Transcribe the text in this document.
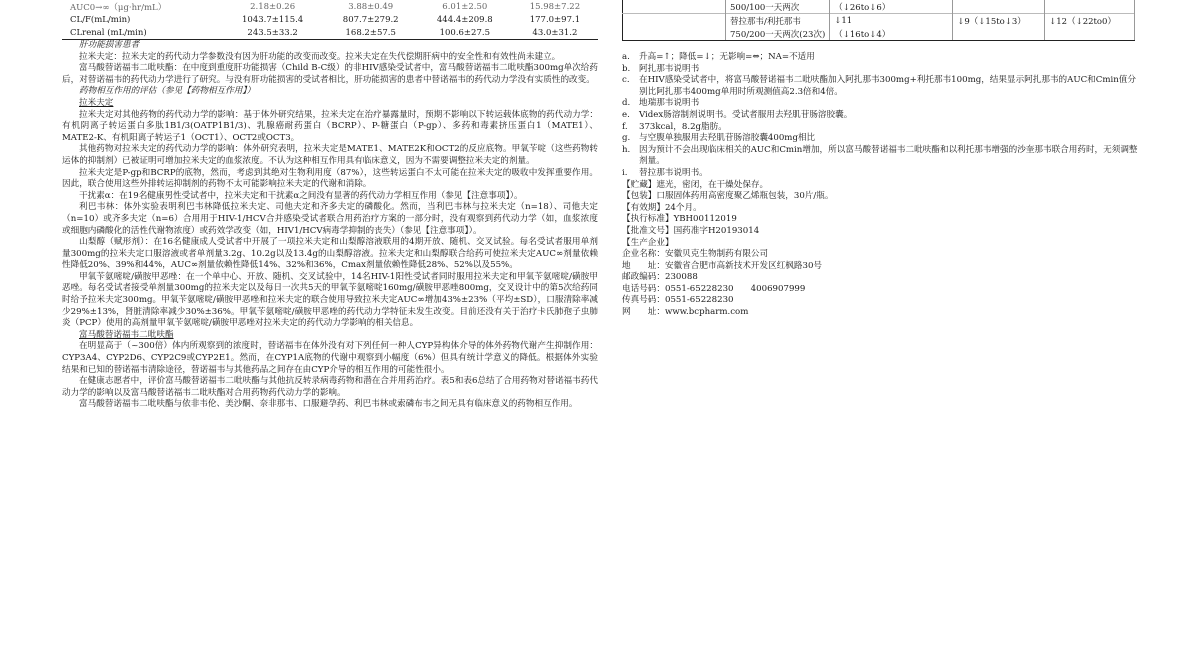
AUC0→∞（μg·hr/mL）	2.18±0.26	3.88±0.49	6.01±2.50	15.98±7.22
CL/F(mL/min)	1043.7±115.4	807.7±279.2	444.4±209.8	177.0±97.1
CLrenal (mL/min)	243.5±33.2	168.2±57.5	100.6±27.5	43.0±31.2

肝功能损害患者

拉米夫定：拉米夫定的药代动力学参数没有因为肝功能的改变而改变。拉米夫定在失代偿期肝病中的安全性和有效性尚未建立。

富马酸替诺福韦二吡呋酯：在中度到重度肝功能损害（Child B-C级）的非HIV感染受试者中，富马酸替诺福韦二吡呋酯300mg单次给药后，对替诺福韦的药代动力学进行了研究。与没有肝功能损害的受试者相比，肝功能损害的患者中替诺福韦的药代动力学没有实质性的改变。

药物相互作用的评估（参见【药物相互作用】）

拉米夫定

拉米夫定对其他药物的药代动力学的影响：基于体外研究结果，拉米夫定在治疗暴露量时，预期不影响以下转运载体底物的药代动力学：有机阴离子转运蛋白多肽1B1/3(OATP1B1/3)、乳腺癌耐药蛋白（BCRP）、P-糖蛋白（P-gp）、多药和毒素挤压蛋白1（MATE1）、MATE2-K、有机阳离子转运子1（OCT1）、OCT2或OCT3。

其他药物对拉米夫定的药代动力学的影响：体外研究表明，拉米夫定是MATE1、MATE2K和OCT2的反应底物。甲氧苄啶（这些药物转运体的抑制剂）已被证明可增加拉米夫定的血浆浓度。不认为这种相互作用具有临床意义，因为不需要调整拉米夫定的剂量。

拉米夫定是P-gp和BCRP的底物，然而，考虑到其绝对生物利用度（87%），这些转运蛋白不太可能在拉米夫定的吸收中发挥重要作用。因此，联合使用这些外排转运抑制剂的药物不太可能影响拉米夫定的代谢和消除。

干扰素α：在19名健康男性受试者中，拉米夫定和干扰素α之间没有显著的药代动力学相互作用（参见【注意事项】）。

利巴韦林：体外实验表明利巴韦林降低拉米夫定、司他夫定和齐多夫定的磷酸化。然而，当利巴韦林与拉米夫定（n=18）、司他夫定（n=10）或齐多夫定（n=6）合用用于HIV-1/HCV合并感染受试者联合用药治疗方案的一部分时，没有观察到药代动力学（如，血浆浓度或细胞内磷酸化的活性代谢物浓度）或药效学改变（如，HIV1/HCV病毒学抑制的丧失）（参见【注意事项】）。

山梨醇（赋形剂）：在16名健康成人受试者中开展了一项拉米夫定和山梨醇溶液联用的4期开放、随机、交叉试验。每名受试者服用单剂量300mg的拉米夫定口服溶液或者单剂量3.2g、10.2g以及13.4g的山梨醇溶液。拉米夫定和山梨醇联合给药可使拉米夫定AUC∞剂量依赖性降低20%、39%和44%，AUC∞剂量依赖性降低14%、32%和36%，Cmax剂量依赖性降低28%、52%以及55%。

甲氧苄氨嘧啶/磺胺甲恶唑：在一个单中心、开放、随机、交叉试验中，14名HIV-1阳性受试者同时服用拉米夫定和甲氧苄氨嘧啶/磺胺甲恶唑。每名受试者接受单剂量300mg的拉米夫定以及每日一次共5天的甲氧苄氨嘧啶160mg/磺胺甲恶唑800mg，交叉设计中的第5次给药同时给予拉米夫定300mg。甲氧苄氨嘧啶/磺胺甲恶唑和拉米夫定的联合使用导致拉米夫定AUC∞增加43%±23%（平均±SD），口服清除率减少29%±13%，肾脏清除率减少30%±36%。甲氧苄氨嘧啶/磺胺甲恶唑的药代动力学特征未发生改变。目前还没有关于治疗卡氏肺孢子虫肺炎（PCP）使用的高剂量甲氧苄氨嘧啶/磺胺甲恶唑对拉米夫定的药代动力学影响的相关信息。

富马酸替诺福韦二吡呋酯

在明显高于（~300倍）体内所观察到的浓度时，替诺福韦在体外没有对下列任何一种人CYP异构体介导的体外药物代谢产生抑制作用：CYP3A4、CYP2D6、CYP2C9或CYP2E1。然而，在CYP1A底物的代谢中观察到小幅度（6%）但具有统计学意义的降低。根据体外实验结果和已知的替诺福韦清除途径，替诺福韦与其他药品之间存在由CYP介导的相互作用的可能性很小。

在健康志愿者中，评价富马酸替诺福韦二吡呋酯与其他抗反转录病毒药物和潜在合并用药治疗。表5和表6总结了合用药物对替诺福韦药代动力学的影响以及富马酸替诺福韦二吡呋酯对合用药物药代动力学的影响。

富马酸替诺福韦二吡呋酯与依非韦伦、美沙酮、奈非那韦、口服避孕药、利巴韦林或索磷布韦之间无具有临床意义的药物相互作用。

	500/100一天两次	（↓26to↓6）		
	替拉那韦/利托那韦	↓11	↓9（↓15to↓3）	↓12（↓22to0）
	750/200一天两次(23次)	（↓16to↓4）		
a.	升高=↑；降低=↓；无影响=⇔；NA=不适用
b.	阿扎那韦说明书
c.	在HIV感染受试者中，将富马酸替诺福韦二吡呋酯加入阿扎那韦300mg+利托那韦100mg，结果显示阿扎那韦的AUC和Cmin值分别比阿扎那韦400mg单用时所观测值高2.3倍和4倍。
d.	地瑞那韦说明书
e.	Videx肠溶制剂说明书。受试者服用去羟肌苷肠溶胶囊。
f.	373kcal，8.2g脂肪。
g.	与空腹单独服用去羟肌苷肠溶胶囊400mg相比
h.	因为预计不会出现临床相关的AUC和Cmin增加，所以富马酸替诺福韦二吡呋酯和以利托那韦增强的沙奎那韦联合用药时，无须调整剂量。
i.	替拉那韦说明书。

【贮藏】遮光，密闭，在干燥处保存。

【包装】口服固体药用高密度聚乙烯瓶包装，30片/瓶。

【有效期】24个月。

【执行标准】YBH00112019

【批准文号】国药准字H20193014

【生产企业】

企业名称： 安徽贝克生物制药有限公司
地　　址： 安徽省合肥市高新技术开发区红枫路30号
邮政编码： 230088
电话号码： 0551-65228230　　4006907999
传真号码： 0551-65228230
网　　址： www.bcpharm.com
